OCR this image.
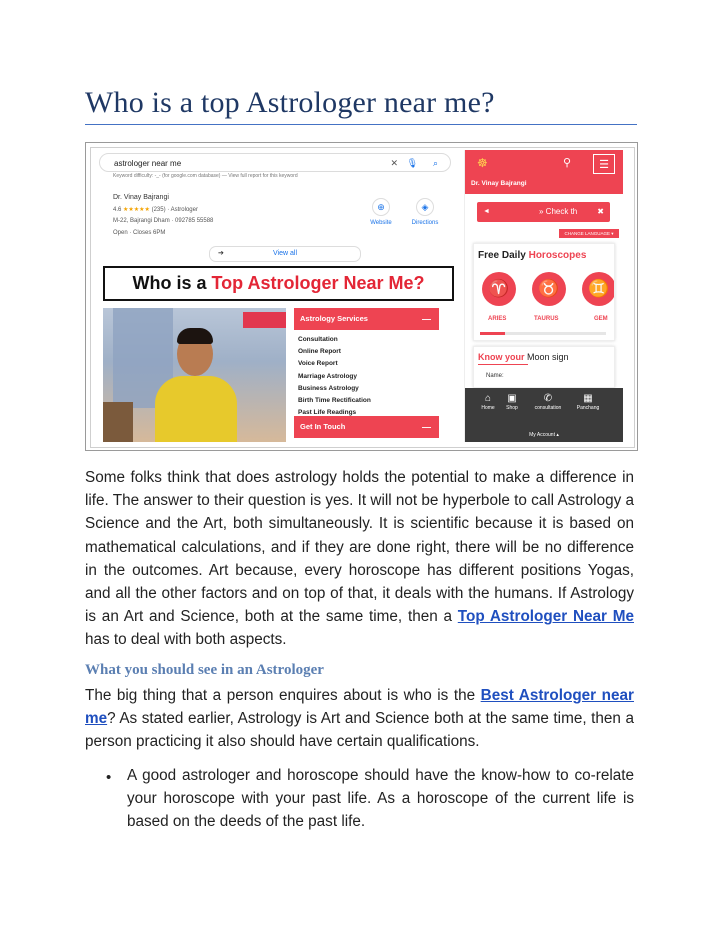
Who is a top Astrologer near me?
astrologer near me	✕ 🎙 ⌕
Keyword difficulty: -_- (for google.com database) — View full report for this keyword
Dr. Vinay Bajrangi
4.6 ★★★★★ (235) · Astrologer
M-22, Bajrangi Dham · 092785 55588
Open · Closes 6PM
⊕
Website
◈
Directions
➔	View all
Who is a Top Astrologer Near Me?
Astrology Services	—
Consultation
Online Report
Voice Report
Marriage Astrology
Business Astrology
Birth Time Rectification
Past Life Readings
Get In Touch	—
☸
Dr. Vinay Bajrangi
⚲	☰
◄	» Check th	✖
CHANGE LANGUAGE ▾
Free Daily Horoscopes
♈	♉	♊
ARIES	TAURUS	GEM
Know your Moon sign
Name:
⌂
Home
▣
Shop
✆
consultation
▦
Panchang
My Account ▴

Some folks think that does astrology holds the potential to make a difference in life. The answer to their question is yes. It will not be hyperbole to call Astrology a Science and the Art, both simultaneously. It is scientific because it is based on mathematical calculations, and if they are done right, there will be no difference in the outcomes. Art because, every horoscope has different positions Yogas, and all the other factors and on top of that, it deals with the humans. If Astrology is an Art and Science, both at the same time, then a Top Astrologer Near Me has to deal with both aspects.

What you should see in an Astrologer

The big thing that a person enquires about is who is the Best Astrologer near me? As stated earlier, Astrology is Art and Science both at the same time, then a person practicing it also should have certain qualifications.

• A good astrologer and horoscope should have the know-how to co-relate your horoscope with your past life. As a horoscope of the current life is based on the deeds of the past life.
